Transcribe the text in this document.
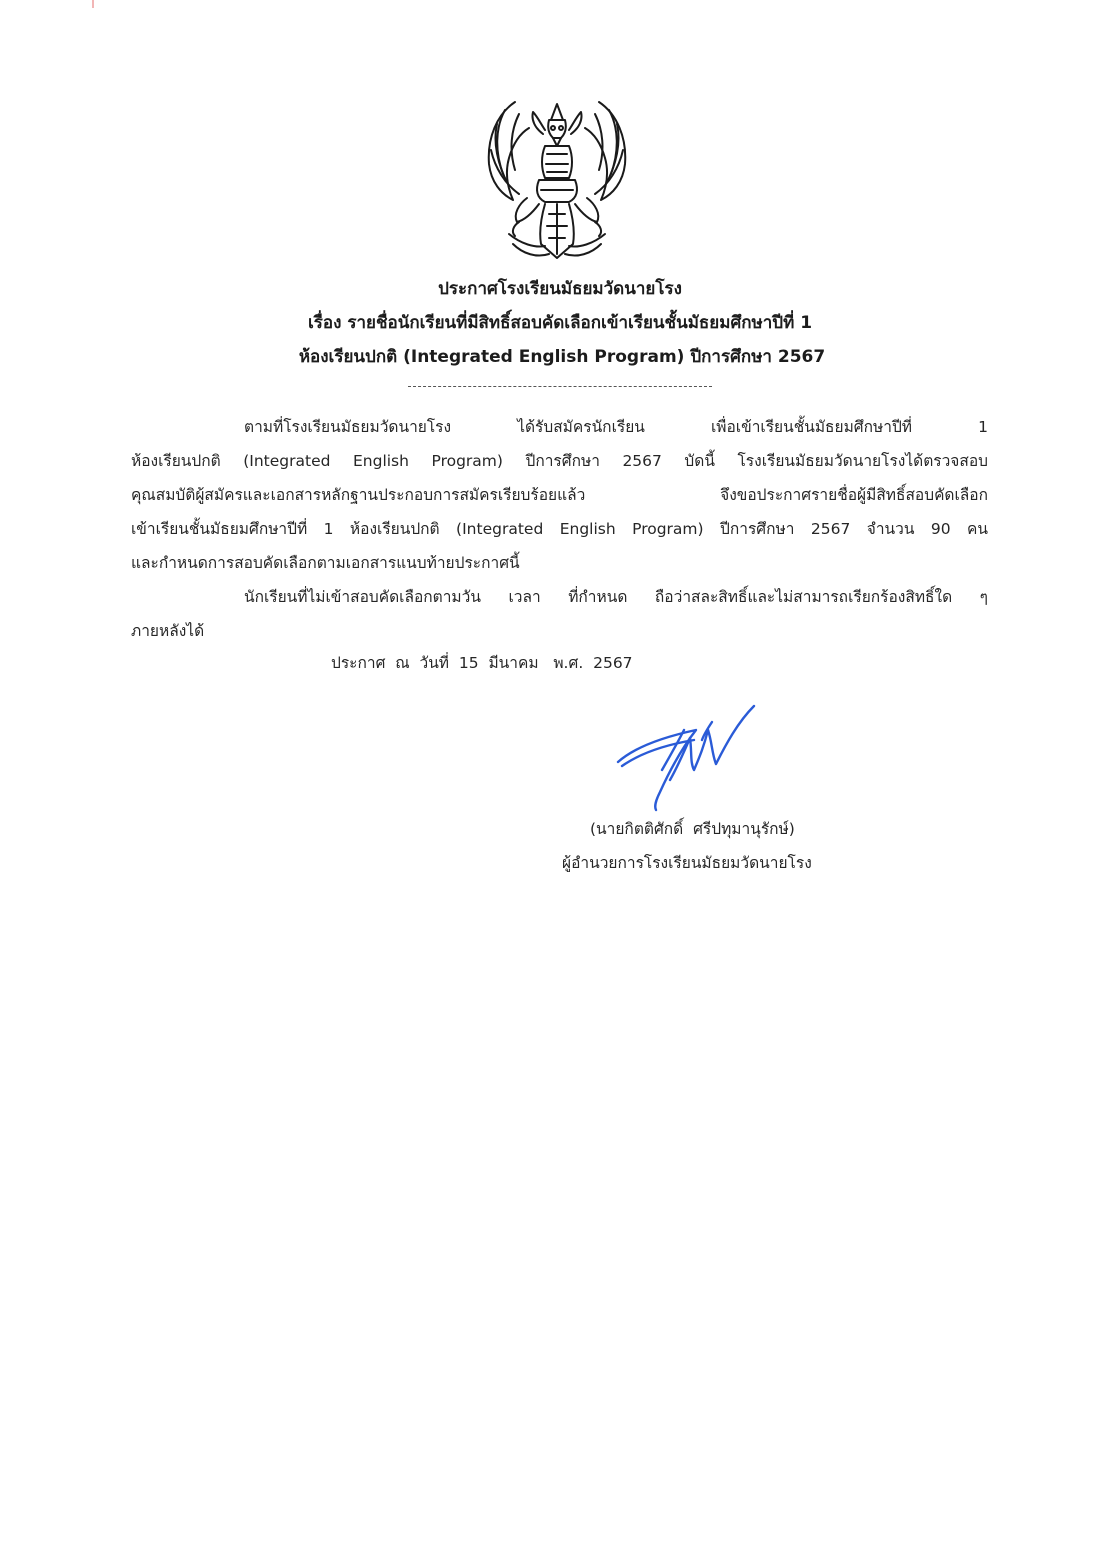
ประกาศโรงเรียนมัธยมวัดนายโรง
เรื่อง รายชื่อนักเรียนที่มีสิทธิ์สอบคัดเลือกเข้าเรียนชั้นมัธยมศึกษาปีที่ 1
ห้องเรียนปกติ (Integrated English Program) ปีการศึกษา 2567
ตามที่โรงเรียนมัธยมวัดนายโรง ได้รับสมัครนักเรียน เพื่อเข้าเรียนชั้นมัธยมศึกษาปีที่ 1
ห้องเรียนปกติ (Integrated English Program) ปีการศึกษา 2567 บัดนี้ โรงเรียนมัธยมวัดนายโรงได้ตรวจสอบ
คุณสมบัติผู้สมัครและเอกสารหลักฐานประกอบการสมัครเรียบร้อยแล้ว จึงขอประกาศรายชื่อผู้มีสิทธิ์สอบคัดเลือก
เข้าเรียนชั้นมัธยมศึกษาปีที่ 1 ห้องเรียนปกติ (Integrated English Program) ปีการศึกษา 2567 จำนวน 90 คน
และกำหนดการสอบคัดเลือกตามเอกสารแนบท้ายประกาศนี้
นักเรียนที่ไม่เข้าสอบคัดเลือกตามวัน เวลา ที่กำหนด ถือว่าสละสิทธิ์และไม่สามารถเรียกร้องสิทธิ์ใด ๆ
ภายหลังได้
ประกาศ  ณ  วันที่  15  มีนาคม   พ.ศ.  2567
(นายกิตติศักดิ์  ศรีปทุมานุรักษ์)
ผู้อำนวยการโรงเรียนมัธยมวัดนายโรง
